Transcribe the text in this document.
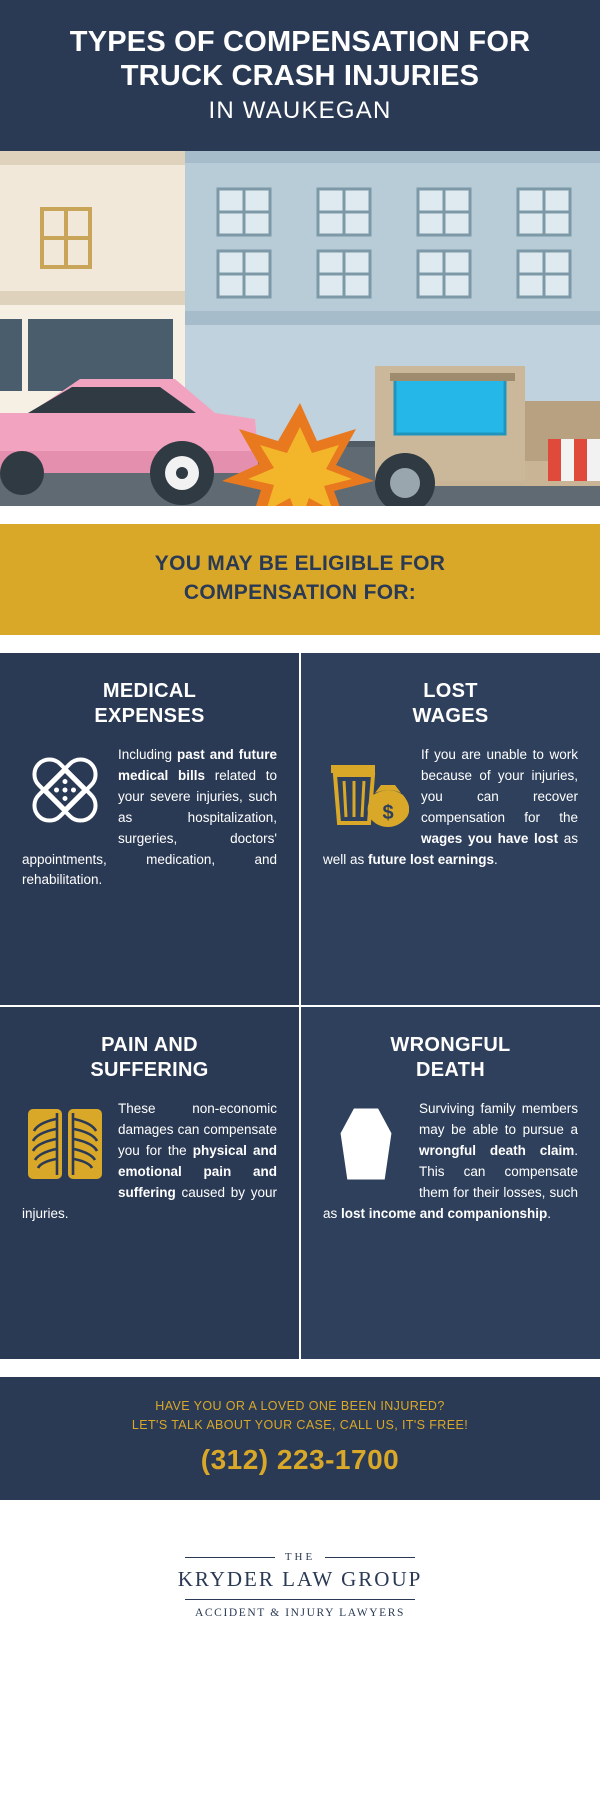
TYPES OF COMPENSATION FOR
TRUCK CRASH INJURIES
IN WAUKEGAN

YOU MAY BE ELIGIBLE FOR
COMPENSATION FOR:

MEDICAL
EXPENSES
Including past and future medical bills related to your severe injuries, such as hospitalization, surgeries, doctors' appointments, medication, and rehabilitation.
LOST
WAGES
$
If you are unable to work because of your injuries, you can recover compensation for the wages you have lost as well as future lost earnings.
PAIN AND
SUFFERING
These non-economic damages can compensate you for the physical and emotional pain and suffering caused by your injuries.
WRONGFUL
DEATH
Surviving family members may be able to pursue a wrongful death claim. This can compensate them for their losses, such as lost income and companionship.
HAVE YOU OR A LOVED ONE BEEN INJURED?
LET'S TALK ABOUT YOUR CASE, CALL US, IT'S FREE!
(312) 223-1700
THE
KRYDER LAW GROUP
ACCIDENT & INJURY LAWYERS
